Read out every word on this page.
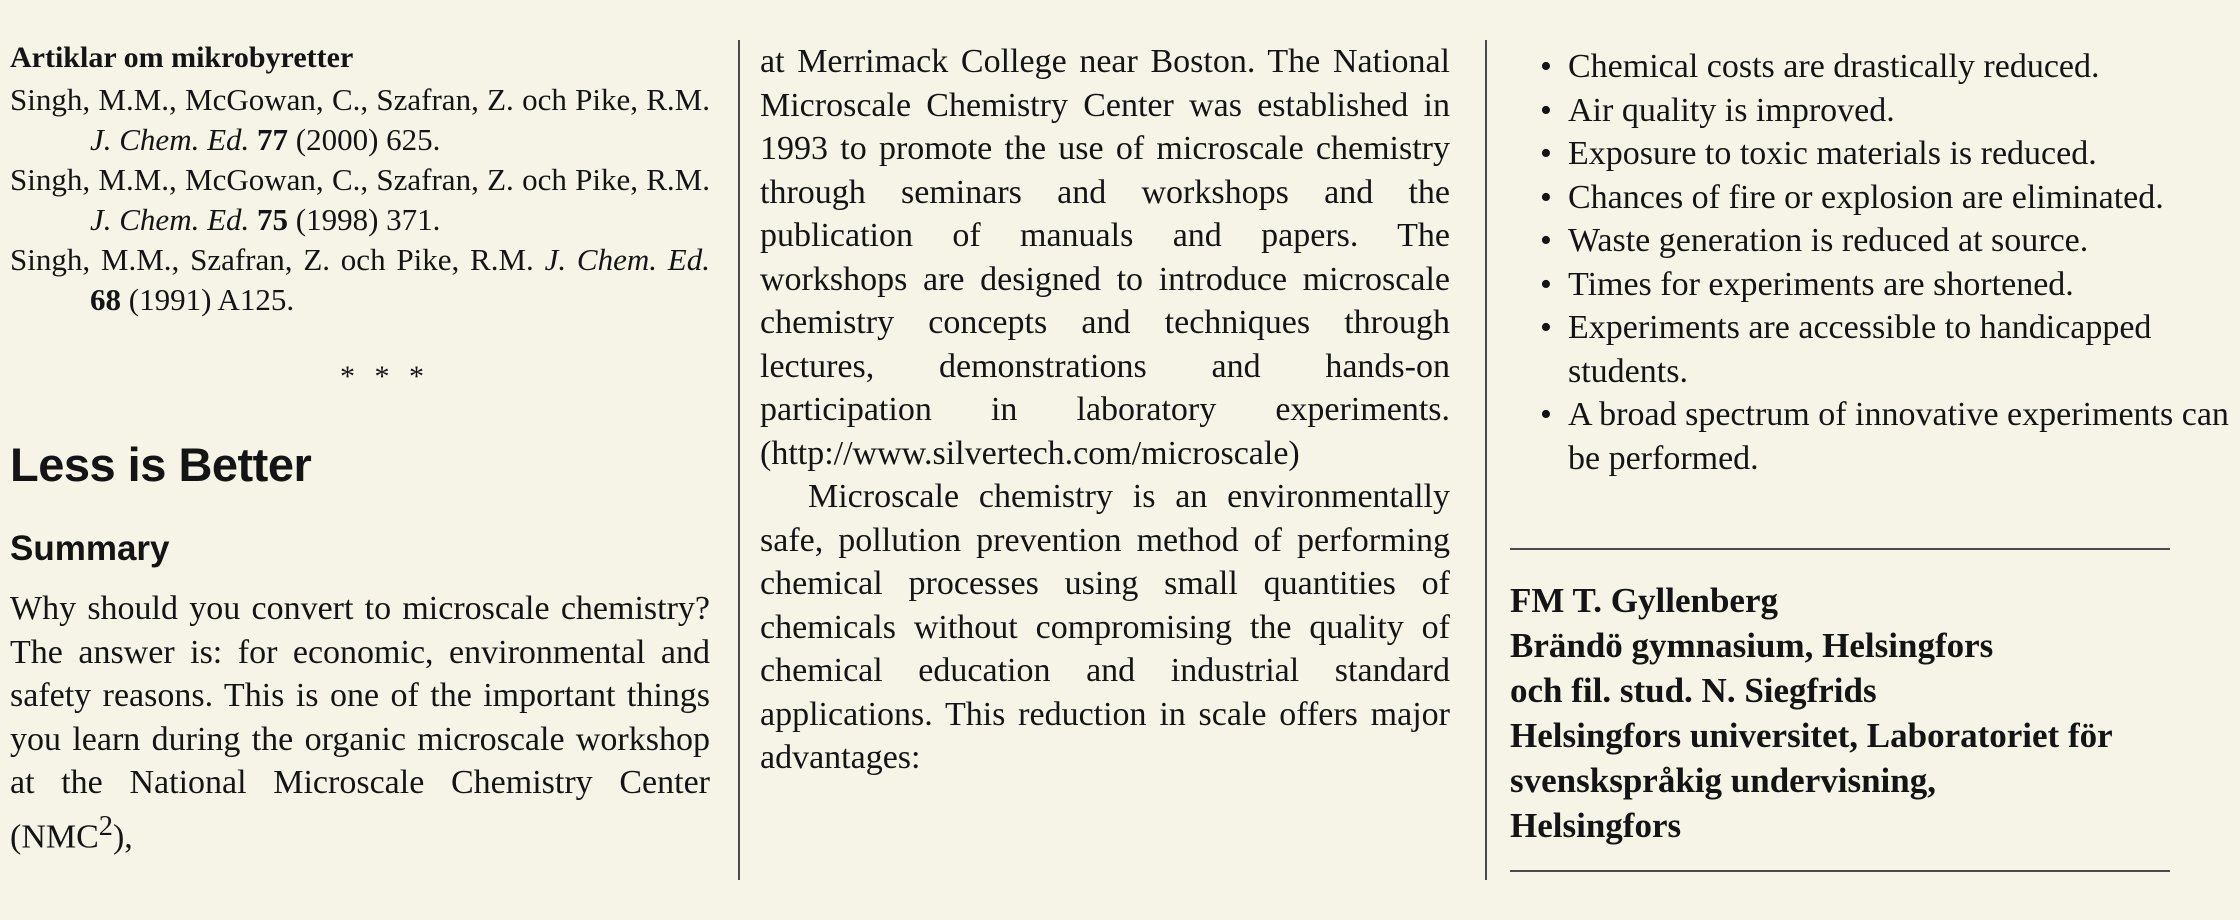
Artiklar om mikrobyretter
Singh, M.M., McGowan, C., Szafran, Z. och Pike, R.M. J. Chem. Ed. 77 (2000) 625.
Singh, M.M., McGowan, C., Szafran, Z. och Pike, R.M. J. Chem. Ed. 75 (1998) 371.
Singh, M.M., Szafran, Z. och Pike, R.M. J. Chem. Ed. 68 (1991) A125.
* * *
Less is Better
Summary

Why should you convert to microscale chemistry? The answer is: for economic, environmental and safety reasons. This is one of the important things you learn during the organic microscale workshop at the National Microscale Chemistry Center (NMC$^2$),

at Merrimack College near Boston. The National Microscale Chemistry Center was established in 1993 to promote the use of microscale chemistry through seminars and workshops and the publication of manuals and papers. The workshops are designed to introduce microscale chemistry concepts and techniques through lectures, demonstrations and hands-on participation in laboratory experiments. (http://www.silvertech.com/microscale)

Microscale chemistry is an environmentally safe, pollution prevention method of performing chemical processes using small quantities of chemicals without compromising the quality of chemical education and industrial standard applications. This reduction in scale offers major advantages:

• Chemical costs are drastically reduced.
• Air quality is improved.
• Exposure to toxic materials is reduced.
• Chances of fire or explosion are eliminated.
• Waste generation is reduced at source.
• Times for experiments are shortened.
• Experiments are accessible to handicapped students.
• A broad spectrum of innovative experiments can be performed.
FM T. Gyllenberg
Brändö gymnasium, Helsingfors
och fil. stud. N. Siegfrids
Helsingfors universitet, Laboratoriet för
svenskspråkig undervisning,
Helsingfors
